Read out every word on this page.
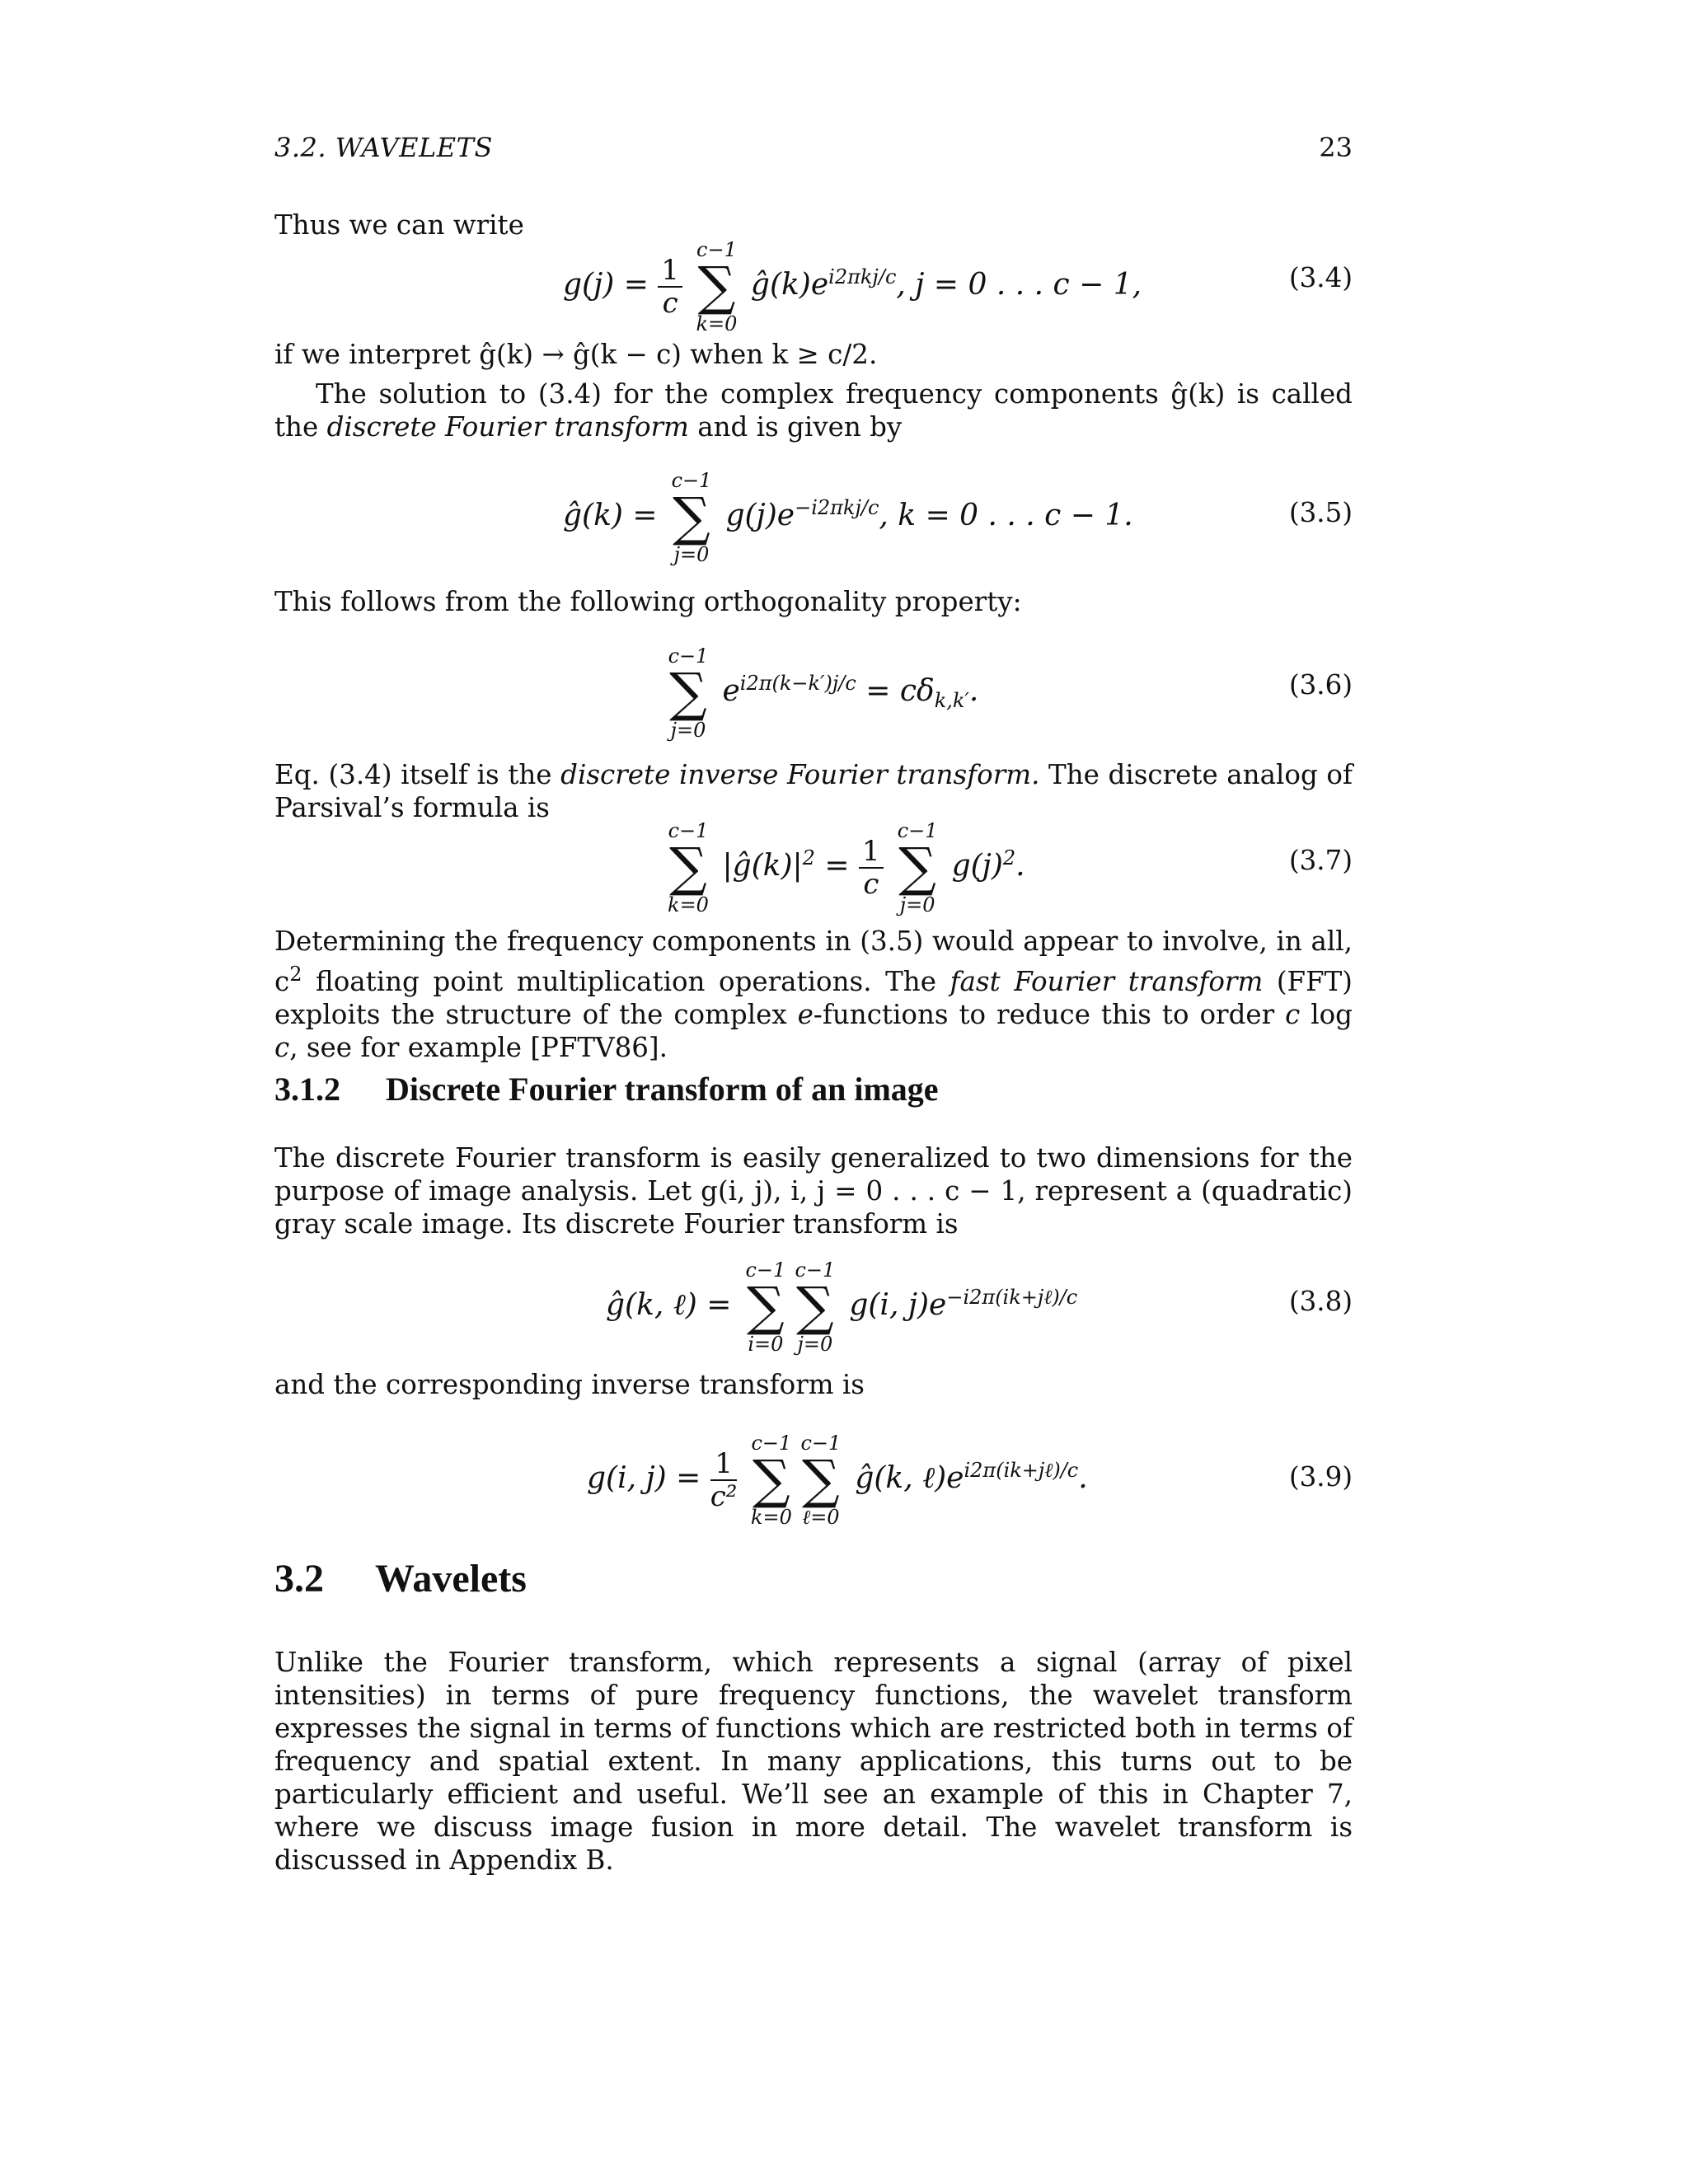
3.2. WAVELETS	23
Thus we can write
$g(j) = \frac{1}{c}$

c−1
∑
k=0
$ĝ(k)e^{i2\pi kj/c}$, j = 0 . . . c − 1,	(3.4)
if we interpret ĝ(k) → ĝ(k − c) when k ≥ c/2.
The solution to (3.4) for the complex frequency components ĝ(k) is called the discrete Fourier transform and is given by
ĝ(k) =
c−1
∑
j=0
$g(j)e^{-i2\pi kj/c}$, k = 0 . . . c − 1.	(3.5)
This follows from the following orthogonality property:
c−1
∑
j=0
$e^{i2\pi(k-k')j/c} = c\delta_{k,k'}$.	(3.6)
Eq. (3.4) itself is the discrete inverse Fourier transform. The discrete analog of Parsival’s formula is
c−1
∑
k=0
$|ĝ(k)|^2 = \frac{1}{c}$

c−1
∑
j=0
$g(j)^2$.	(3.7)
Determining the frequency components in (3.5) would appear to involve, in all, $c^2$ floating point multiplication operations. The fast Fourier transform (FFT) exploits the structure of the complex e-functions to reduce this to order c log c, see for example [PFTV86].
3.1.2 Discrete Fourier transform of an image
The discrete Fourier transform is easily generalized to two dimensions for the purpose of image analysis. Let g(i, j), i, j = 0 . . . c − 1, represent a (quadratic) gray scale image. Its discrete Fourier transform is
ĝ(k, ℓ) =
c−1
∑
i=0
c−1
∑
j=0
g(i, $j)e^{-i2\pi(ik+j\ell)/c}$	(3.8)
and the corresponding inverse transform is
g(i, $j) = \frac{1}{\text{c²}}$

c−1
∑
k=0
c−1
∑
ℓ=0
ĝ(k, $\ell)e^{i2\pi(ik+j\ell)/c}$.	(3.9)
3.2 Wavelets
Unlike the Fourier transform, which represents a signal (array of pixel intensities) in terms of pure frequency functions, the wavelet transform expresses the signal in terms of functions which are restricted both in terms of frequency and spatial extent. In many applications, this turns out to be particularly efficient and useful. We’ll see an example of this in Chapter 7, where we discuss image fusion in more detail. The wavelet transform is discussed in Appendix B.
